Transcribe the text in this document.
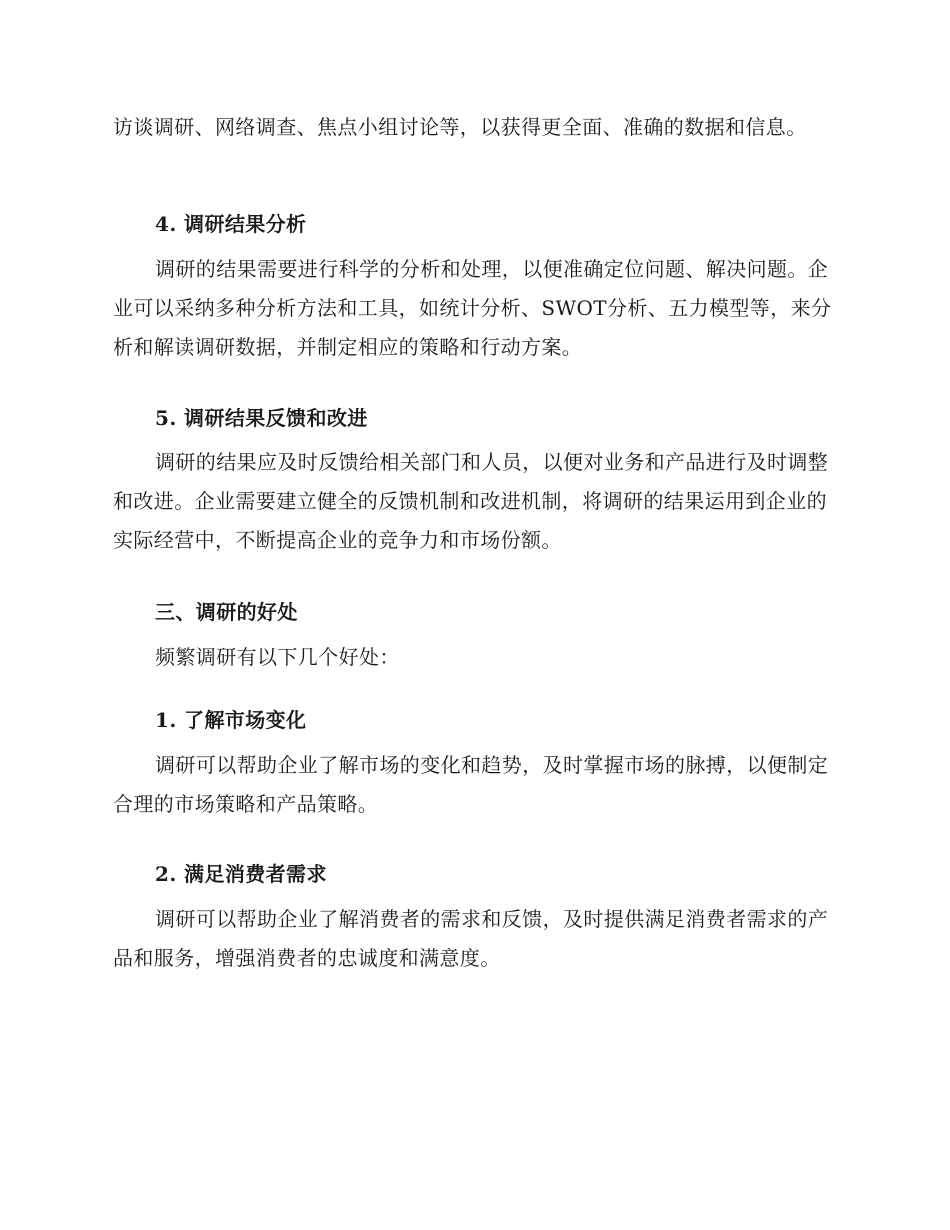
访谈调研、网络调查、焦点小组讨论等，以获得更全面、准确的数据和信息。

4. 调研结果分析

调研的结果需要进行科学的分析和处理，以便准确定位问题、解决问题。企业可以采纳多种分析方法和工具，如统计分析、SWOT分析、五力模型等，来分析和解读调研数据，并制定相应的策略和行动方案。

5. 调研结果反馈和改进

调研的结果应及时反馈给相关部门和人员，以便对业务和产品进行及时调整和改进。企业需要建立健全的反馈机制和改进机制，将调研的结果运用到企业的实际经营中，不断提高企业的竞争力和市场份额。

三、调研的好处

频繁调研有以下几个好处：

1. 了解市场变化

调研可以帮助企业了解市场的变化和趋势，及时掌握市场的脉搏，以便制定合理的市场策略和产品策略。

2. 满足消费者需求

调研可以帮助企业了解消费者的需求和反馈，及时提供满足消费者需求的产品和服务，增强消费者的忠诚度和满意度。
